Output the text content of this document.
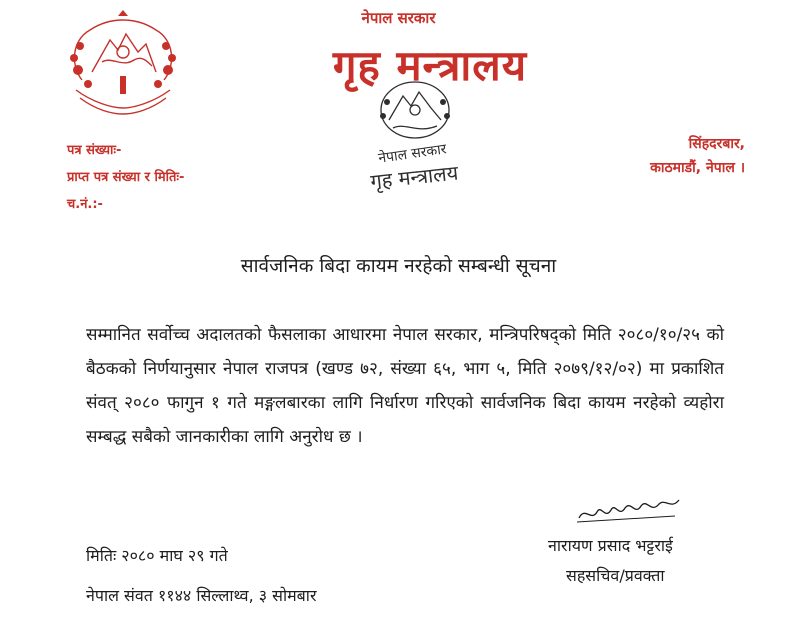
नेपाल सरकार
गृह मन्त्रालय
नेपाल सरकार
गृह मन्त्रालय
पत्र संख्याः-
प्राप्त पत्र संख्या र मितिः-
च.नं.:-
सिंहदरबार,
काठमाडौं, नेपाल ।
सार्वजनिक बिदा कायम नरहेको सम्बन्धी सूचना
सम्मानित सर्वोच्च अदालतको फैसलाका आधारमा नेपाल सरकार, मन्त्रिपरिषद्को मिति २०८०/१०/२५ को बैठकको निर्णयानुसार नेपाल राजपत्र (खण्ड ७२, संख्या ६५, भाग ५, मिति २०७९/१२/०२) मा प्रकाशित संवत् २०८० फागुन १ गते मङ्गलबारका लागि निर्धारण गरिएको सार्वजनिक बिदा कायम नरहेको व्यहोरा सम्बद्ध सबैको जानकारीका लागि अनुरोध छ ।
मितिः २०८० माघ २९ गते
नेपाल संवत ११४४ सिल्लाथ्व, ३ सोमबार
नारायण प्रसाद भट्टराई
सहसचिव/प्रवक्ता
